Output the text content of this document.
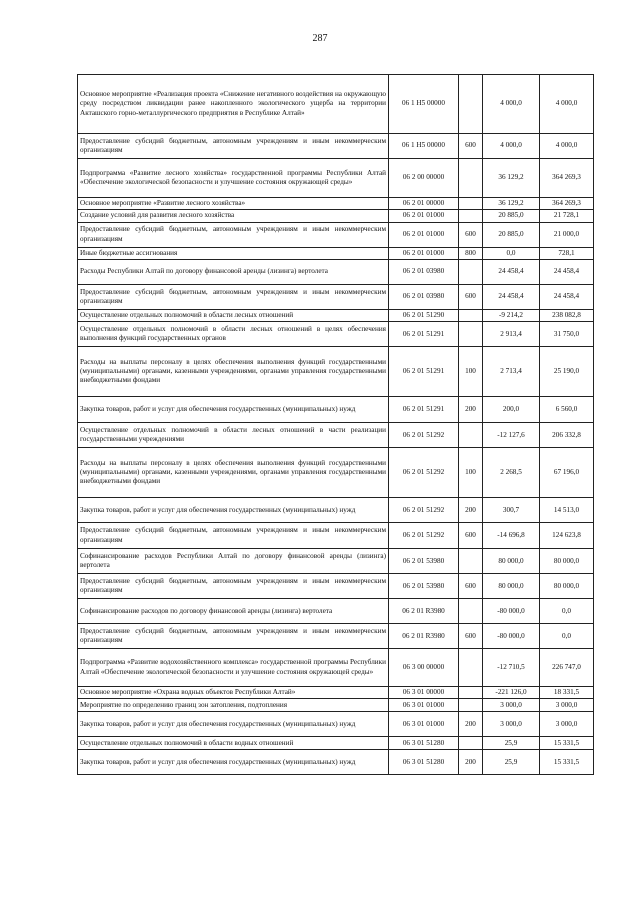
287
Основное мероприятие «Реализация проекта «Снижение негативного воздействия на окружающую среду посредством ликвидации ранее накопленного экологического ущерба на территории Акташского горно-металлургического предприятия в Республике Алтай»	06 1 Н5 00000		4 000,0	4 000,0
Предоставление субсидий бюджетным, автономным учреждениям и иным некоммерческим организациям	06 1 Н5 00000	600	4 000,0	4 000,0
Подпрограмма «Развитие лесного хозяйства» государственной программы Республики Алтай «Обеспечение экологической безопасности и улучшение состояния окружающей среды»	06 2 00 00000		36 129,2	364 269,3
Основное мероприятие «Развитие лесного хозяйства»	06 2 01 00000		36 129,2	364 269,3
Создание условий для развития лесного хозяйства	06 2 01 01000		20 885,0	21 728,1
Предоставление субсидий бюджетным, автономным учреждениям и иным некоммерческим организациям	06 2 01 01000	600	20 885,0	21 000,0
Иные бюджетные ассигнования	06 2 01 01000	800	0,0	728,1
Расходы Республики Алтай по договору финансовой аренды (лизинга) вертолета	06 2 01 03980		24 458,4	24 458,4
Предоставление субсидий бюджетным, автономным учреждениям и иным некоммерческим организациям	06 2 01 03980	600	24 458,4	24 458,4
Осуществление отдельных полномочий в области лесных отношений	06 2 01 51290		-9 214,2	238 082,8
Осуществление отдельных полномочий в области лесных отношений в целях обеспечения выполнения функций государственных органов	06 2 01 51291		2 913,4	31 750,0
Расходы на выплаты персоналу в целях обеспечения выполнения функций государственными (муниципальными) органами, казенными учреждениями, органами управления государственными внебюджетными фондами	06 2 01 51291	100	2 713,4	25 190,0
Закупка товаров, работ и услуг для обеспечения государственных (муниципальных) нужд	06 2 01 51291	200	200,0	6 560,0
Осуществление отдельных полномочий в области лесных отношений в части реализации государственными учреждениями	06 2 01 51292		-12 127,6	206 332,8
Расходы на выплаты персоналу в целях обеспечения выполнения функций государственными (муниципальными) органами, казенными учреждениями, органами управления государственными внебюджетными фондами	06 2 01 51292	100	2 268,5	67 196,0
Закупка товаров, работ и услуг для обеспечения государственных (муниципальных) нужд	06 2 01 51292	200	300,7	14 513,0
Предоставление субсидий бюджетным, автономным учреждениям и иным некоммерческим организациям	06 2 01 51292	600	-14 696,8	124 623,8
Софинансирование расходов Республики Алтай по договору финансовой аренды (лизинга) вертолета	06 2 01 53980		80 000,0	80 000,0
Предоставление субсидий бюджетным, автономным учреждениям и иным некоммерческим организациям	06 2 01 53980	600	80 000,0	80 000,0
Софинансирование расходов по договору финансовой аренды (лизинга) вертолета	06 2 01 R3980		-80 000,0	0,0
Предоставление субсидий бюджетным, автономным учреждениям и иным некоммерческим организациям	06 2 01 R3980	600	-80 000,0	0,0
Подпрограмма «Развитие водохозяйственного комплекса» государственной программы Республики Алтай «Обеспечение экологической безопасности и улучшение состояния окружающей среды»	06 3 00 00000		-12 710,5	226 747,0
Основное мероприятие «Охрана водных объектов Республики Алтай»	06 3 01 00000		-221 126,0	18 331,5
Мероприятие по определению границ зон затопления, подтопления	06 3 01 01000		3 000,0	3 000,0
Закупка товаров, работ и услуг для обеспечения государственных (муниципальных) нужд	06 3 01 01000	200	3 000,0	3 000,0
Осуществление отдельных полномочий в области водных отношений	06 3 01 51280		25,9	15 331,5
Закупка товаров, работ и услуг для обеспечения государственных (муниципальных) нужд	06 3 01 51280	200	25,9	15 331,5
